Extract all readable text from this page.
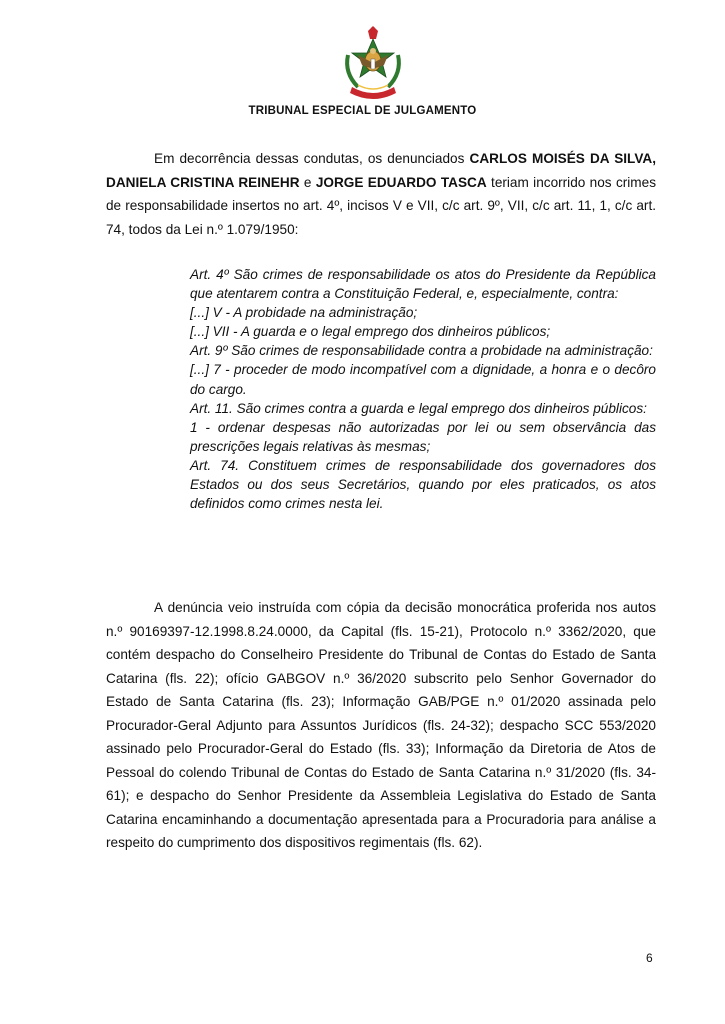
TRIBUNAL ESPECIAL DE JULGAMENTO

Em decorrência dessas condutas, os denunciados CARLOS MOISÉS DA SILVA, DANIELA CRISTINA REINEHR e JORGE EDUARDO TASCA teriam incorrido nos crimes de responsabilidade insertos no art. 4º, incisos V e VII, c/c art. 9º, VII, c/c art. 11, 1, c/c art. 74, todos da Lei n.º 1.079/1950:

Art. 4º São crimes de responsabilidade os atos do Presidente da República que atentarem contra a Constituição Federal, e, especialmente, contra:
[...] V - A probidade na administração;
[...] VII - A guarda e o legal emprego dos dinheiros públicos;
Art. 9º São crimes de responsabilidade contra a probidade na administração:
[...] 7 - proceder de modo incompatível com a dignidade, a honra e o decôro do cargo.
Art. 11. São crimes contra a guarda e legal emprego dos dinheiros públicos:
1 - ordenar despesas não autorizadas por lei ou sem observância das prescrições legais relativas às mesmas;
Art. 74. Constituem crimes de responsabilidade dos governadores dos Estados ou dos seus Secretários, quando por eles praticados, os atos definidos como crimes nesta lei.

A denúncia veio instruída com cópia da decisão monocrática proferida nos autos n.º 90169397-12.1998.8.24.0000, da Capital (fls. 15-21), Protocolo n.º 3362/2020, que contém despacho do Conselheiro Presidente do Tribunal de Contas do Estado de Santa Catarina (fls. 22); ofício GABGOV n.º 36/2020 subscrito pelo Senhor Governador do Estado de Santa Catarina (fls. 23); Informação GAB/PGE n.º 01/2020 assinada pelo Procurador-Geral Adjunto para Assuntos Jurídicos (fls. 24-32); despacho SCC 553/2020 assinado pelo Procurador-Geral do Estado (fls. 33); Informação da Diretoria de Atos de Pessoal do colendo Tribunal de Contas do Estado de Santa Catarina n.º 31/2020 (fls. 34-61); e despacho do Senhor Presidente da Assembleia Legislativa do Estado de Santa Catarina encaminhando a documentação apresentada para a Procuradoria para análise a respeito do cumprimento dos dispositivos regimentais (fls. 62).

6
